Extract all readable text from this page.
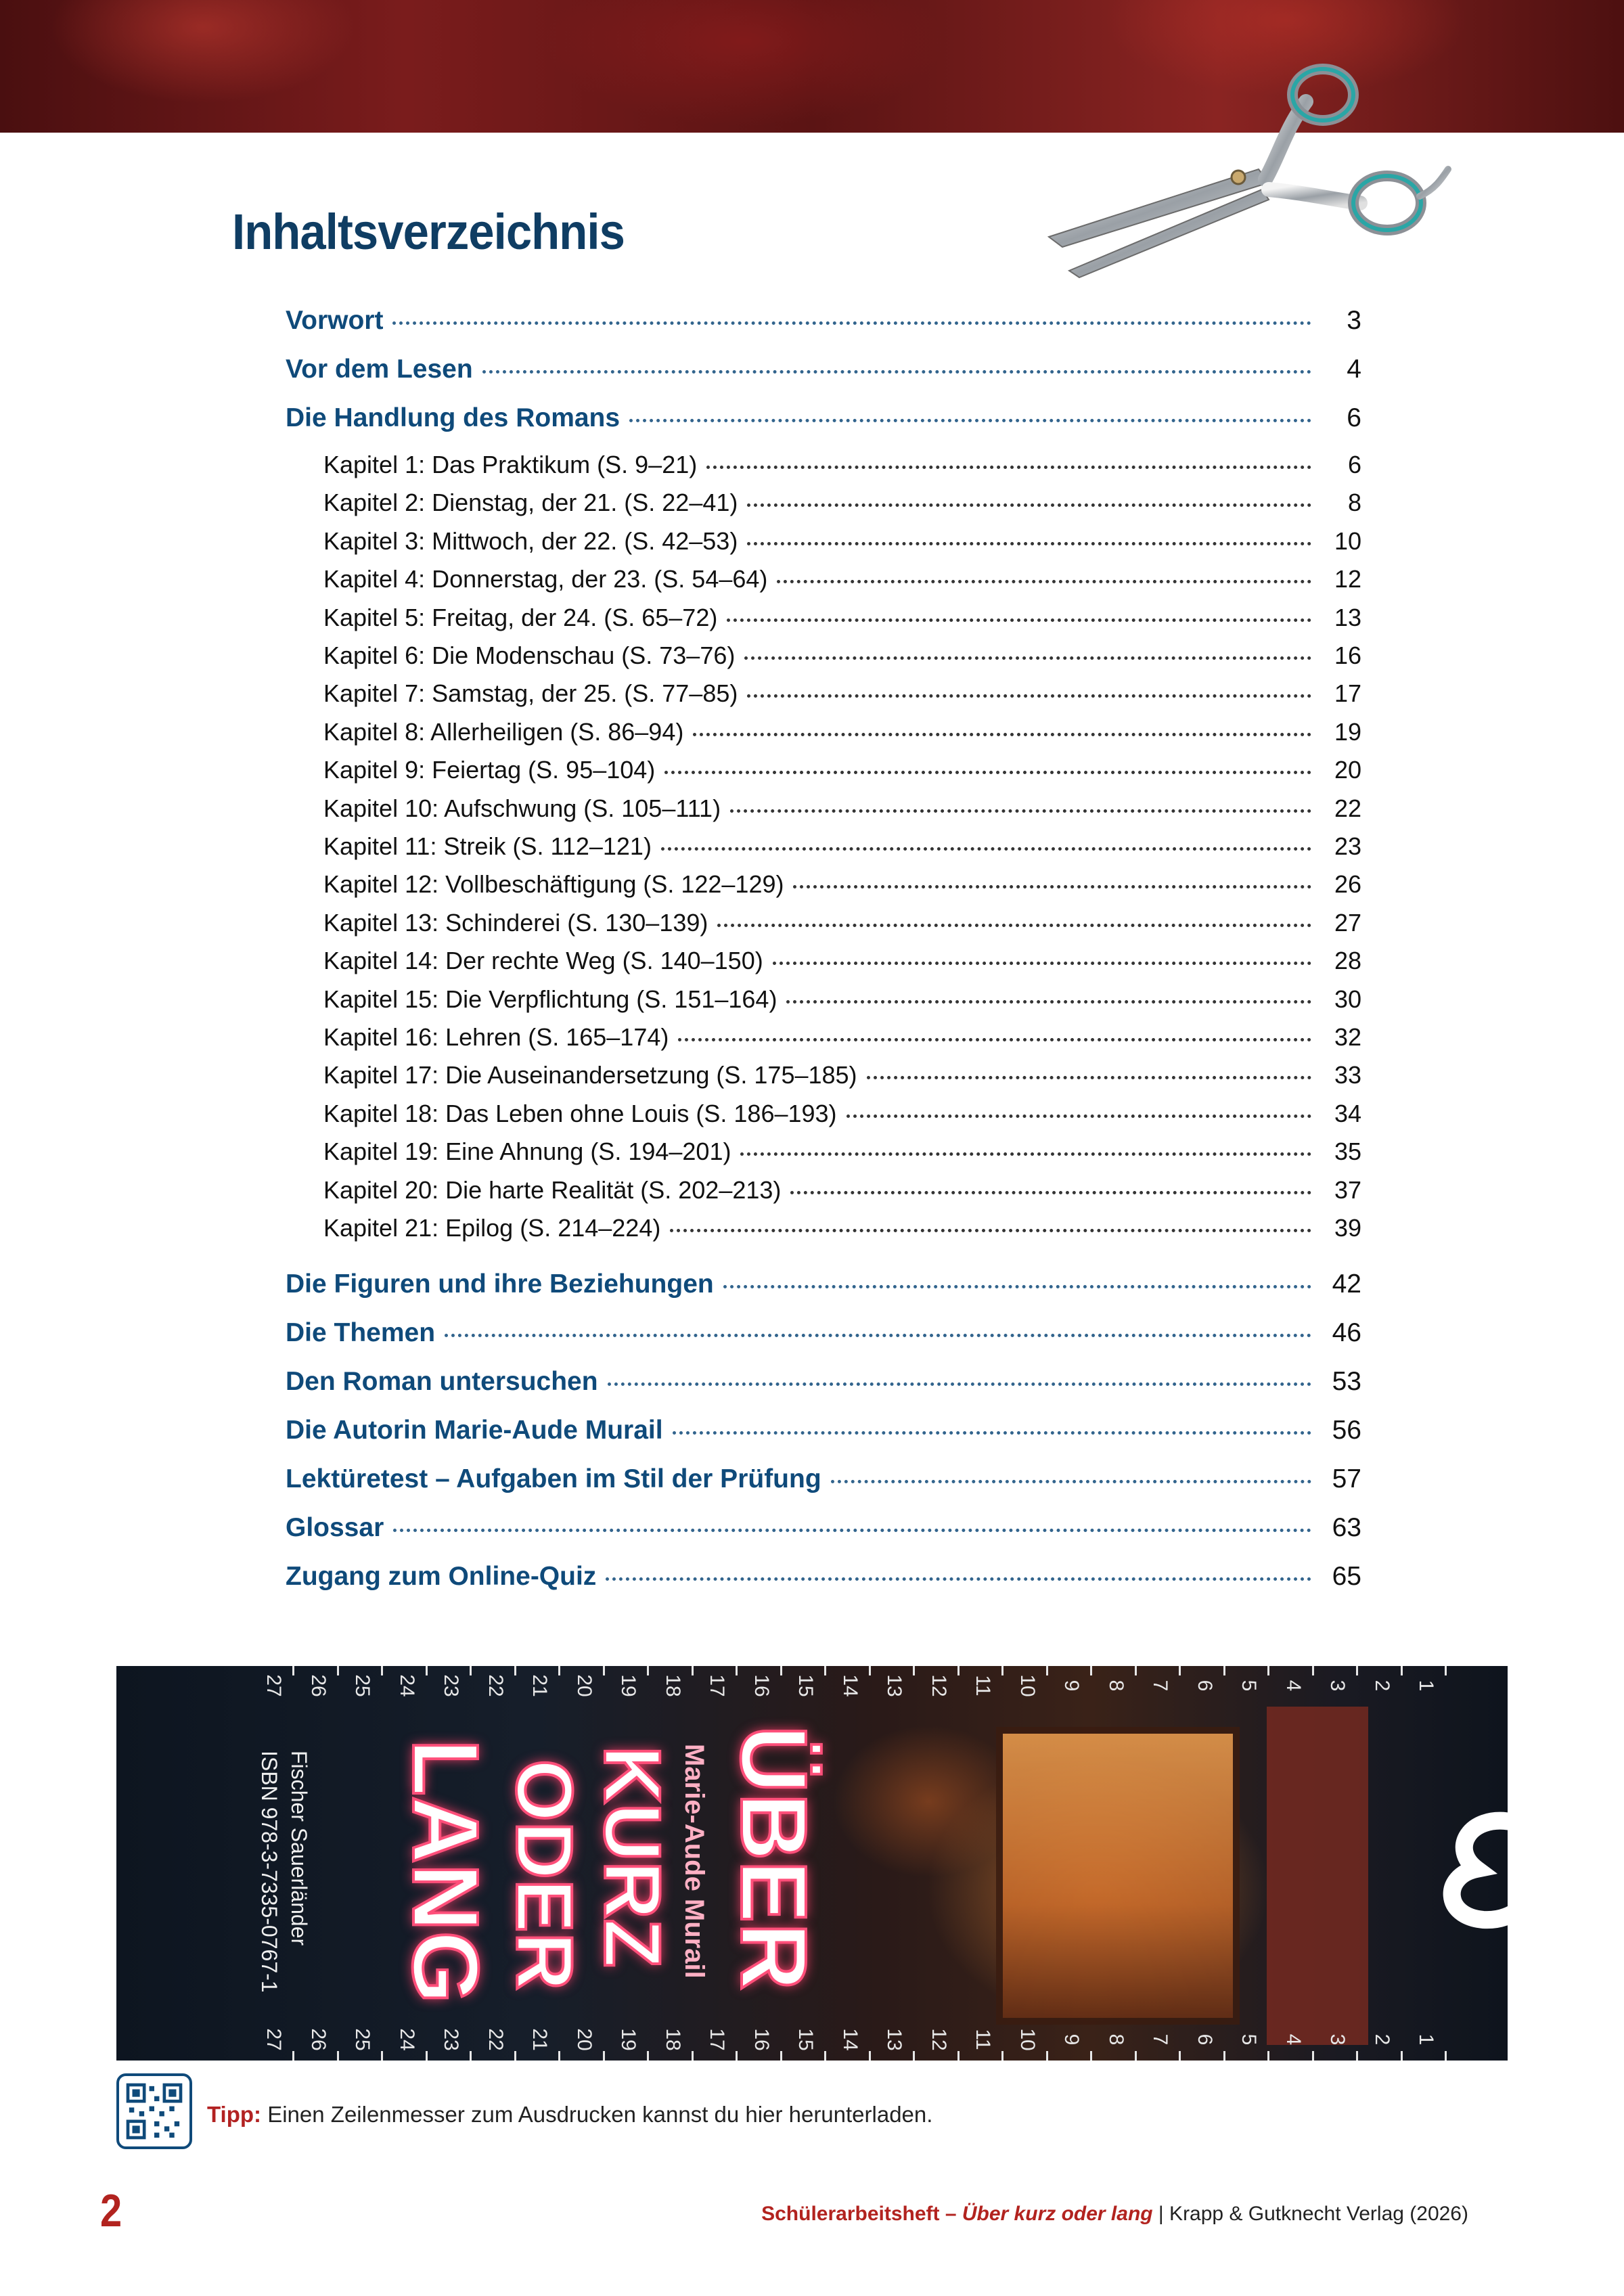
Inhaltsverzeichnis
Vorwort	3
Vor dem Lesen	4
Die Handlung des Romans	6
Kapitel 1: Das Praktikum (S. 9–21)	6
Kapitel 2: Dienstag, der 21. (S. 22–41)	8
Kapitel 3: Mittwoch, der 22. (S. 42–53)	10
Kapitel 4: Donnerstag, der 23. (S. 54–64)	12
Kapitel 5: Freitag, der 24. (S. 65–72)	13
Kapitel 6: Die Modenschau (S. 73–76)	16
Kapitel 7: Samstag, der 25. (S. 77–85)	17
Kapitel 8: Allerheiligen (S. 86–94)	19
Kapitel 9: Feiertag (S. 95–104)	20
Kapitel 10: Aufschwung (S. 105–111)	22
Kapitel 11: Streik (S. 112–121)	23
Kapitel 12: Vollbeschäftigung (S. 122–129)	26
Kapitel 13: Schinderei (S. 130–139)	27
Kapitel 14: Der rechte Weg (S. 140–150)	28
Kapitel 15: Die Verpflichtung (S. 151–164)	30
Kapitel 16: Lehren (S. 165–174)	32
Kapitel 17: Die Auseinandersetzung (S. 175–185)	33
Kapitel 18: Das Leben ohne Louis (S. 186–193)	34
Kapitel 19: Eine Ahnung (S. 194–201)	35
Kapitel 20: Die harte Realität (S. 202–213)	37
Kapitel 21: Epilog (S. 214–224)	39
Die Figuren und ihre Beziehungen	42
Die Themen	46
Den Roman untersuchen	53
Die Autorin Marie-Aude Murail	56
Lektüretest – Aufgaben im Stil der Prüfung	57
Glossar	63
Zugang zum Online-Quiz	65
1
2
3
4
5
6
7
8
9
10
11
12
13
14
15
16
17
18
19
20
21
22
23
24
25
26
27
1
2
3
4
5
6
7
8
9
10
11
12
13
14
15
16
17
18
19
20
21
22
23
24
25
26
27
ÜBER
KURZ
ODER
LANG	Marie-Aude Murail
Fischer Sauerländer
ISBN 978-3-7335-0767-1
Tipp: Einen Zeilenmesser zum Ausdrucken kannst du hier herunterladen.
2	Schülerarbeitsheft – Über kurz oder lang | Krapp & Gutknecht Verlag (2026)
